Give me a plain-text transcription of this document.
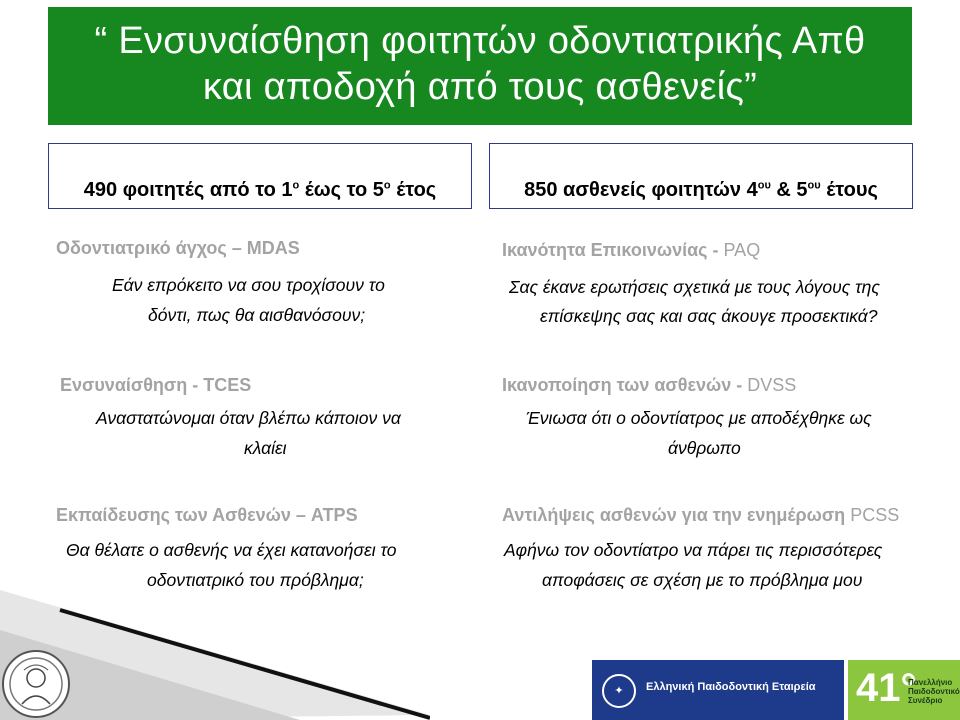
“ Ενσυναίσθηση φοιτητών οδοντιατρικής Απθ
και αποδοχή από τους ασθενείς”
490 φοιτητές από το $1^o$ έως το $5^o$ έτος	850 ασθενείς φοιτητών $4^{o\upsilon}$ & $5^{o\upsilon}$ έτους
Οδοντιατρικό άγχος – MDAS
Εάν επρόκειτο να σου τροχίσουν το
δόντι, πως θα αισθανόσουν;
Ενσυναίσθηση - TCES
Αναστατώνομαι όταν βλέπω κάποιον να
κλαίει
Εκπαίδευσης των Ασθενών – ATPS
Θα θέλατε ο ασθενής να έχει κατανοήσει το
οδοντιατρικό του πρόβλημα;
Ικανότητα Επικοινωνίας - PAQ
Σας έκανε ερωτήσεις σχετικά με τους λόγους της
επίσκεψης σας και σας άκουγε προσεκτικά?
Ικανοποίηση των ασθενών - DVSS
Ένιωσα ότι ο οδοντίατρος με αποδέχθηκε ως
άνθρωπο
Αντιλήψεις ασθενών για την ενημέρωση PCSS
Αφήνω τον οδοντίατρο να πάρει τις περισσότερες
αποφάσεις σε σχέση με το πρόβλημα μου
✦	Ελληνική Παιδοδοντική Εταιρεία 41°
Πανελλήνιο
Παιδοδοντικό
Συνέδριο
